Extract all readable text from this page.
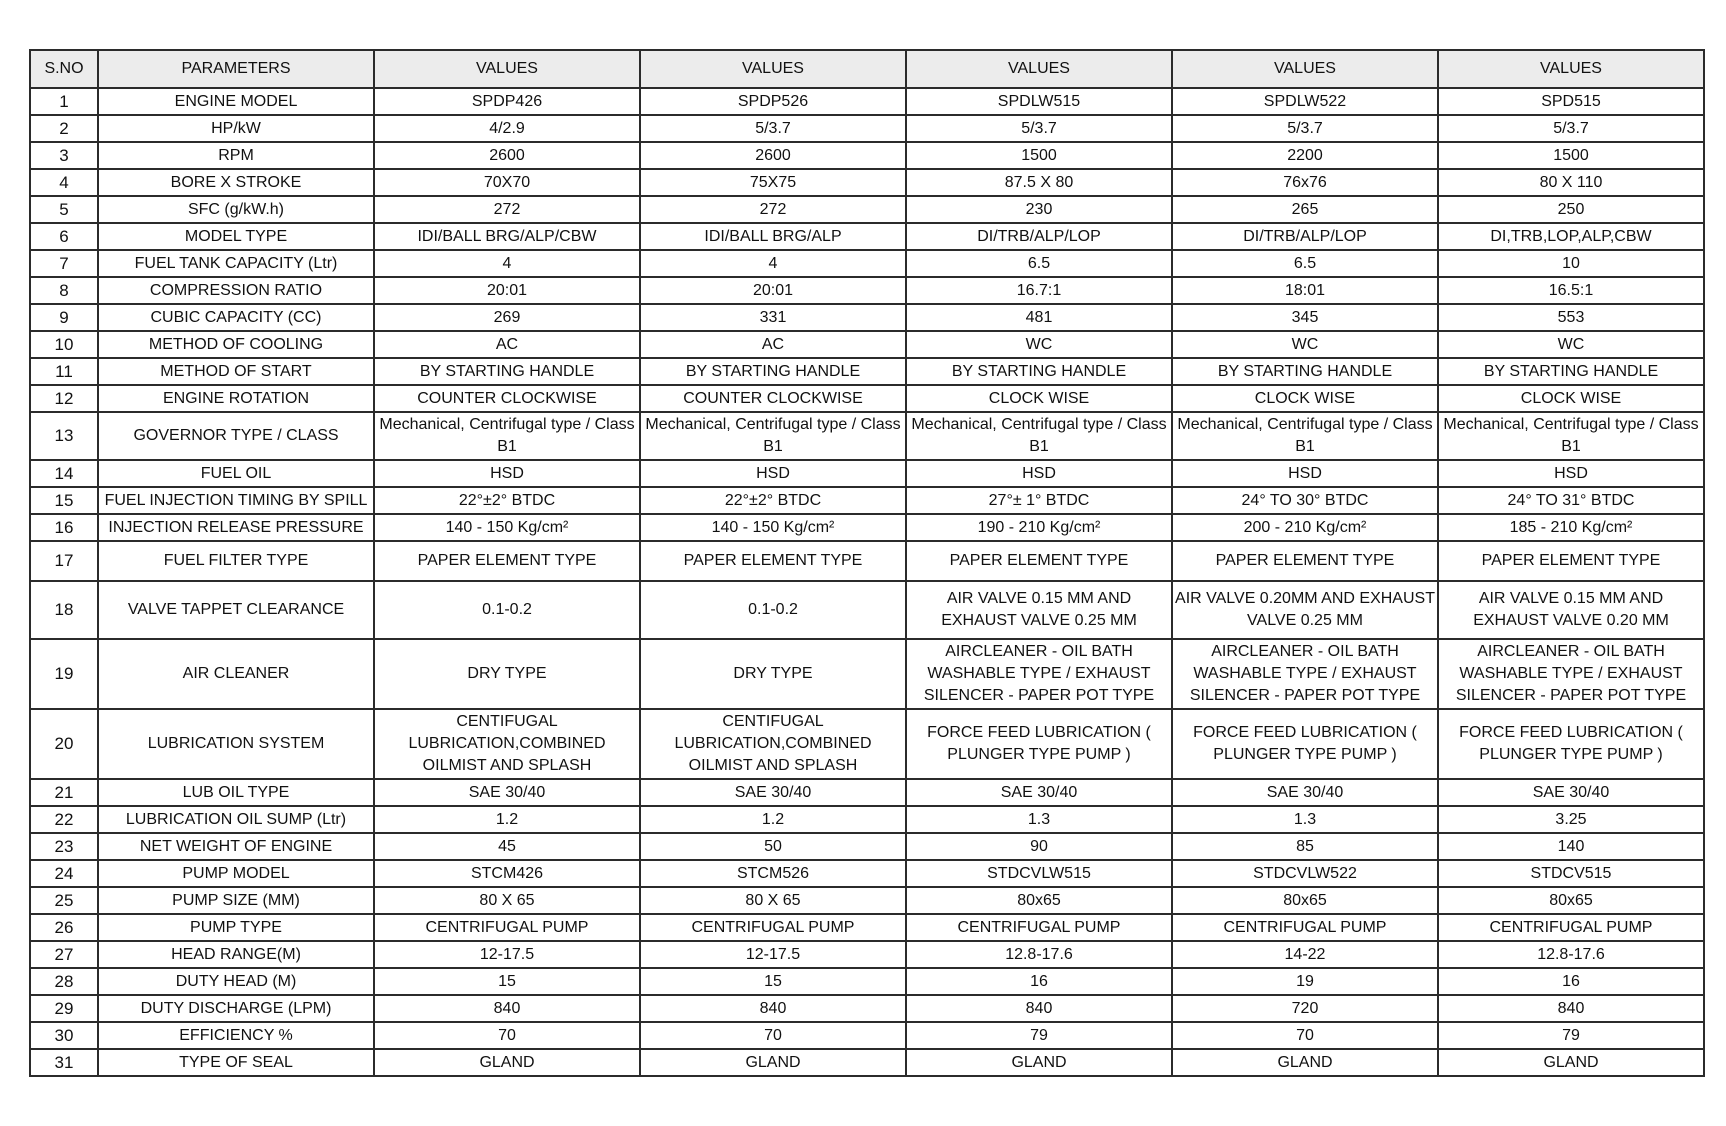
S.NO	PARAMETERS	VALUES	VALUES	VALUES	VALUES	VALUES
1	ENGINE MODEL	SPDP426	SPDP526	SPDLW515	SPDLW522	SPD515
2	HP/kW	4/2.9	5/3.7	5/3.7	5/3.7	5/3.7
3	RPM	2600	2600	1500	2200	1500
4	BORE X STROKE	70X70	75X75	87.5 X 80	76x76	80 X 110
5	SFC (g/kW.h)	272	272	230	265	250
6	MODEL TYPE	IDI/BALL BRG/ALP/CBW	IDI/BALL BRG/ALP	DI/TRB/ALP/LOP	DI/TRB/ALP/LOP	DI,TRB,LOP,ALP,CBW
7	FUEL TANK CAPACITY (Ltr)	4	4	6.5	6.5	10
8	COMPRESSION RATIO	20:01	20:01	16.7:1	18:01	16.5:1
9	CUBIC CAPACITY (CC)	269	331	481	345	553
10	METHOD OF COOLING	AC	AC	WC	WC	WC
11	METHOD OF START	BY STARTING HANDLE	BY STARTING HANDLE	BY STARTING HANDLE	BY STARTING HANDLE	BY STARTING HANDLE
12	ENGINE ROTATION	COUNTER CLOCKWISE	COUNTER CLOCKWISE	CLOCK WISE	CLOCK WISE	CLOCK WISE
13	GOVERNOR TYPE / CLASS	Mechanical, Centrifugal type / Class B1	Mechanical, Centrifugal type / Class B1	Mechanical, Centrifugal type / Class B1	Mechanical, Centrifugal type / Class B1	Mechanical, Centrifugal type / Class B1
14	FUEL OIL	HSD	HSD	HSD	HSD	HSD
15	FUEL INJECTION TIMING BY SPILL	22°±2° BTDC	22°±2° BTDC	27°± 1° BTDC	24° TO 30° BTDC	24° TO 31° BTDC
16	INJECTION RELEASE PRESSURE	140 - 150 Kg/cm²	140 - 150 Kg/cm²	190 - 210 Kg/cm²	200 - 210 Kg/cm²	185 - 210 Kg/cm²
17	FUEL FILTER TYPE	PAPER ELEMENT TYPE	PAPER ELEMENT TYPE	PAPER ELEMENT TYPE	PAPER ELEMENT TYPE	PAPER ELEMENT TYPE
18	VALVE TAPPET CLEARANCE	0.1-0.2	0.1-0.2	AIR VALVE 0.15 MM AND EXHAUST VALVE 0.25 MM	AIR VALVE 0.20MM AND EXHAUST VALVE 0.25 MM	AIR VALVE 0.15 MM AND EXHAUST VALVE 0.20 MM
19	AIR CLEANER	DRY TYPE	DRY TYPE	AIRCLEANER - OIL BATH WASHABLE TYPE / EXHAUST SILENCER - PAPER POT TYPE	AIRCLEANER - OIL BATH WASHABLE TYPE / EXHAUST SILENCER - PAPER POT TYPE	AIRCLEANER - OIL BATH WASHABLE TYPE / EXHAUST SILENCER - PAPER POT TYPE
20	LUBRICATION SYSTEM	CENTIFUGAL LUBRICATION,COMBINED OILMIST AND SPLASH	CENTIFUGAL LUBRICATION,COMBINED OILMIST AND SPLASH	FORCE FEED LUBRICATION ( PLUNGER TYPE PUMP )	FORCE FEED LUBRICATION ( PLUNGER TYPE PUMP )	FORCE FEED LUBRICATION ( PLUNGER TYPE PUMP )
21	LUB OIL TYPE	SAE 30/40	SAE 30/40	SAE 30/40	SAE 30/40	SAE 30/40
22	LUBRICATION OIL SUMP (Ltr)	1.2	1.2	1.3	1.3	3.25
23	NET WEIGHT OF ENGINE	45	50	90	85	140
24	PUMP MODEL	STCM426	STCM526	STDCVLW515	STDCVLW522	STDCV515
25	PUMP SIZE (MM)	80 X 65	80 X 65	80x65	80x65	80x65
26	PUMP TYPE	CENTRIFUGAL PUMP	CENTRIFUGAL PUMP	CENTRIFUGAL PUMP	CENTRIFUGAL PUMP	CENTRIFUGAL PUMP
27	HEAD RANGE(M)	12-17.5	12-17.5	12.8-17.6	14-22	12.8-17.6
28	DUTY HEAD (M)	15	15	16	19	16
29	DUTY DISCHARGE (LPM)	840	840	840	720	840
30	EFFICIENCY %	70	70	79	70	79
31	TYPE OF SEAL	GLAND	GLAND	GLAND	GLAND	GLAND
